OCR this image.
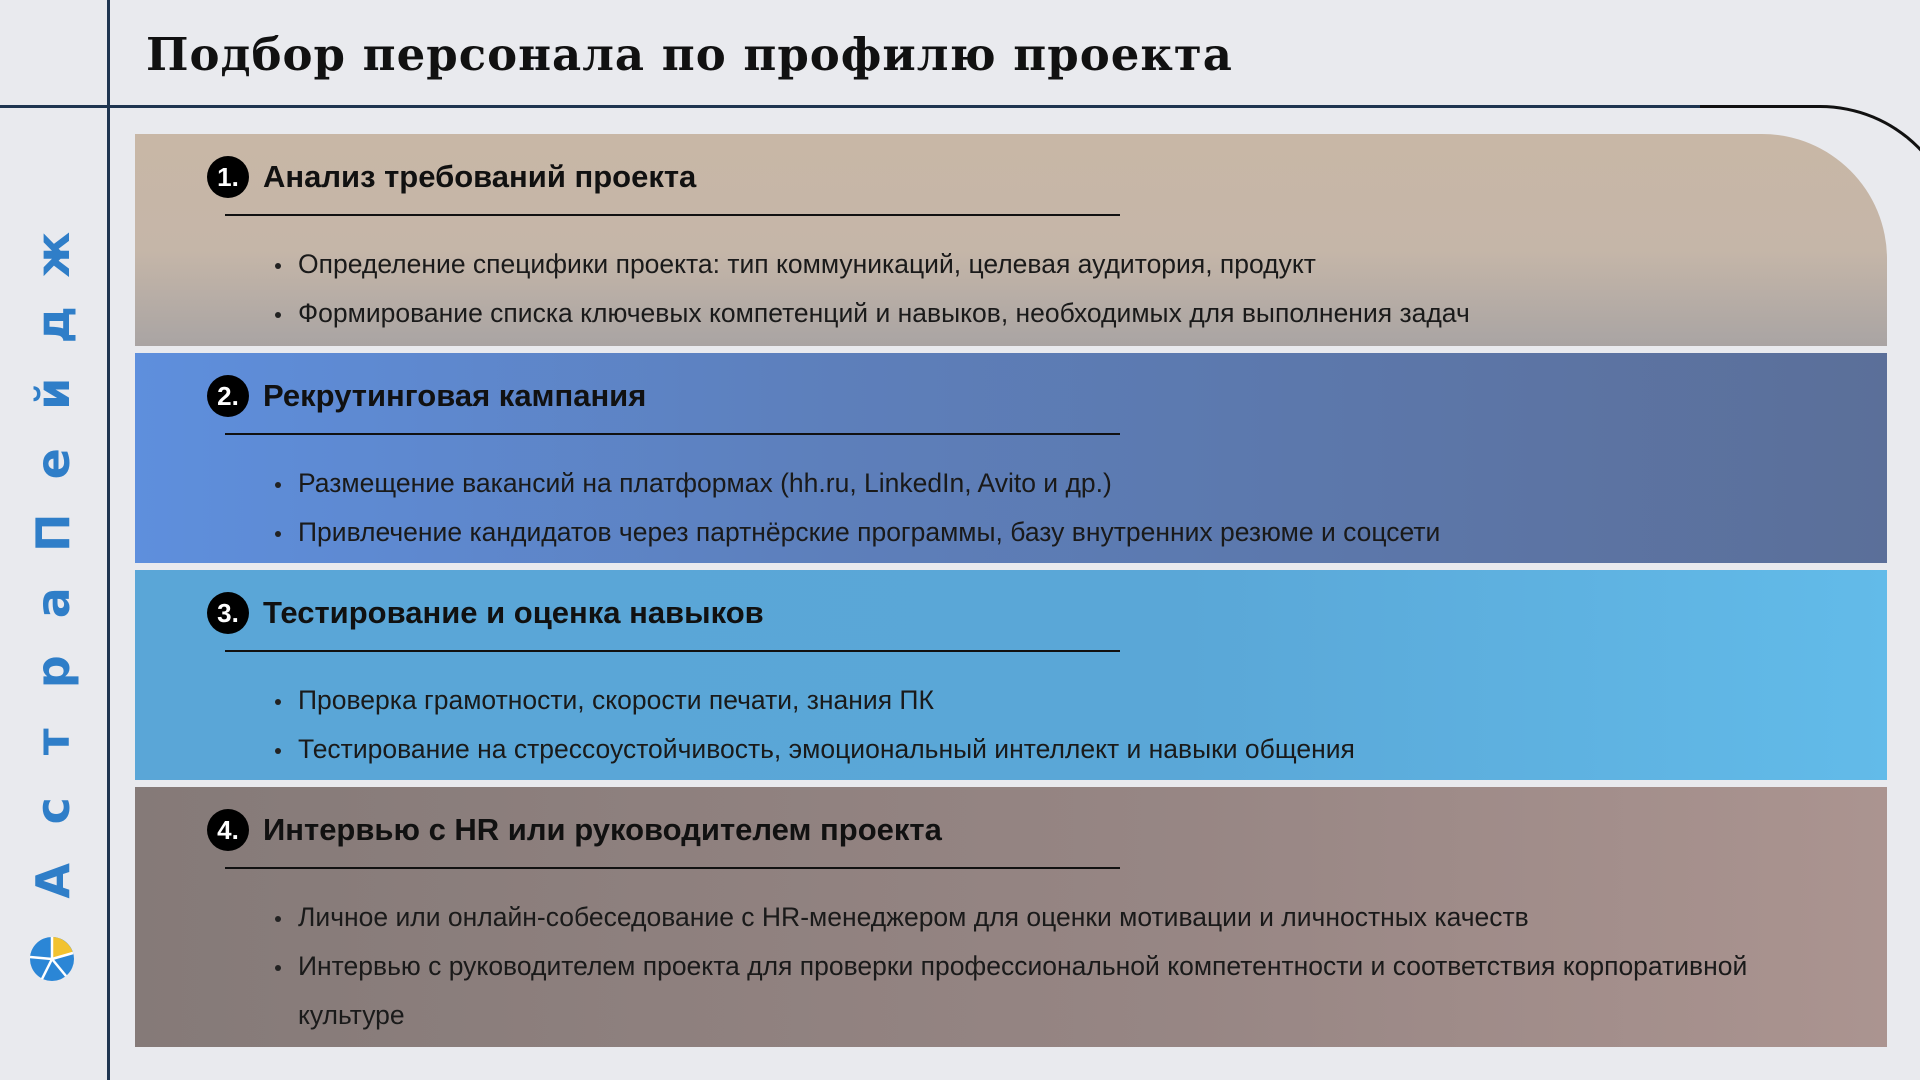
Подбор персонала по профилю проекта
ж
д
й
е
П
а
р
т
с
А
1. Анализ требований проекта
Определение специфики проекта: тип коммуникаций, целевая аудитория, продукт
Формирование списка ключевых компетенций и навыков, необходимых для выполнения задач
2. Рекрутинговая кампания
Размещение вакансий на платформах (hh.ru, LinkedIn, Avito и др.)
Привлечение кандидатов через партнёрские программы, базу внутренних резюме и соцсети
3. Тестирование и оценка навыков
Проверка грамотности, скорости печати, знания ПК
Тестирование на стрессоустойчивость, эмоциональный интеллект и навыки общения
4. Интервью с HR или руководителем проекта
Личное или онлайн-собеседование с HR-менеджером для оценки мотивации и личностных качеств
Интервью с руководителем проекта для проверки профессиональной компетентности и соответствия корпоративной культуре
